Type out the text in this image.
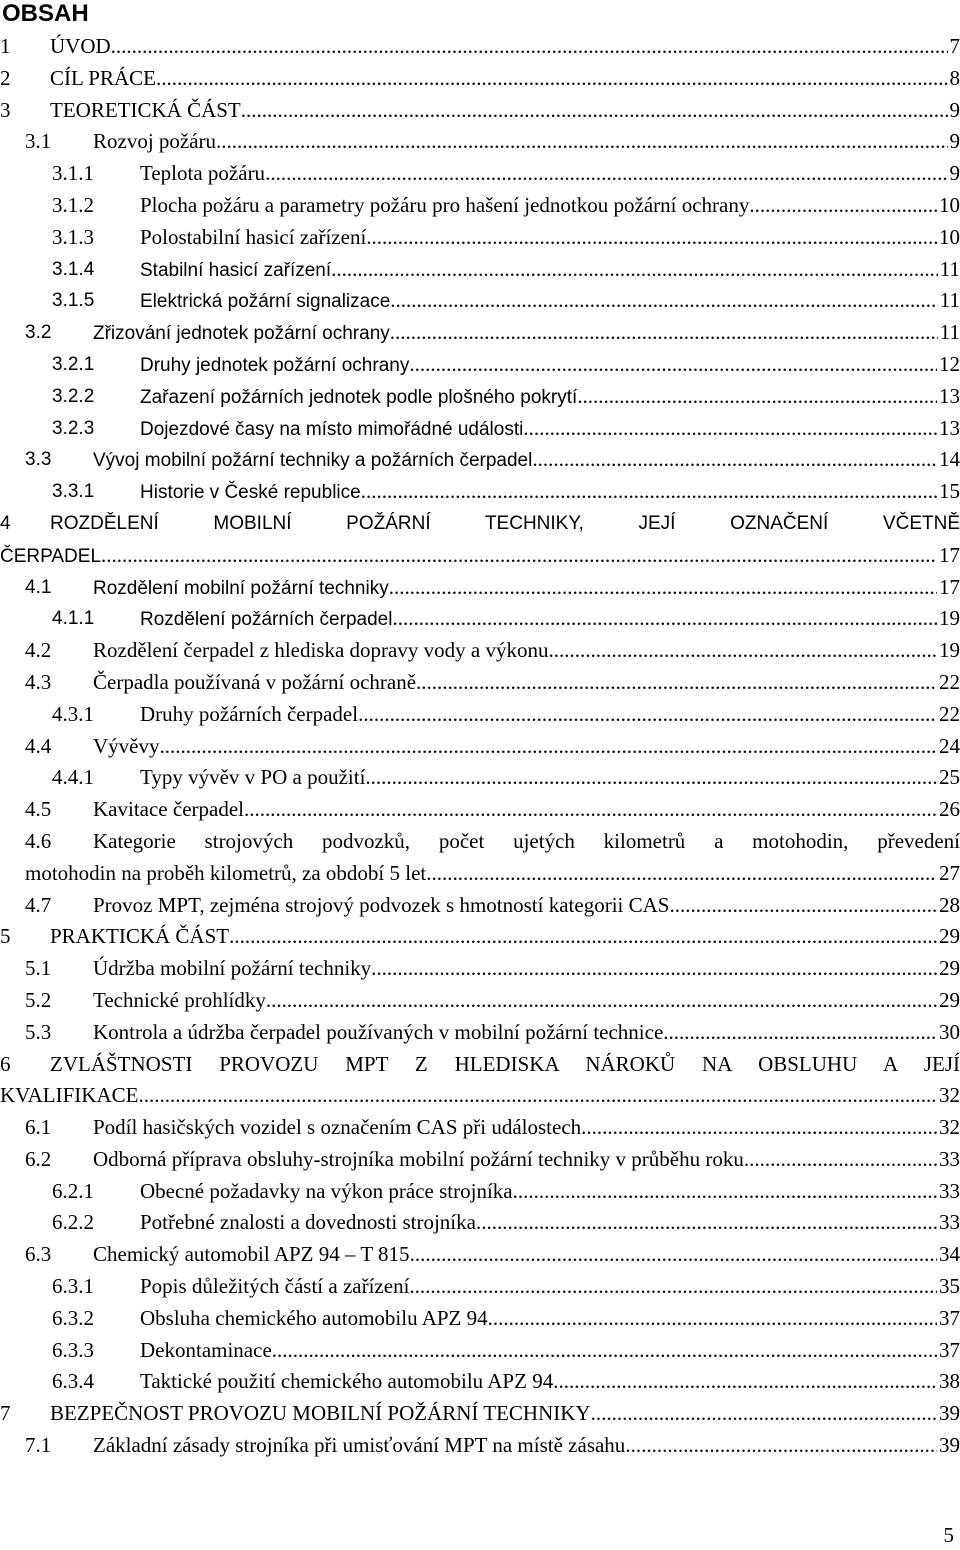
OBSAH
1 ÚVOD .....	7
2 CÍL PRÁCE .....	8
3 TEORETICKÁ ČÁST .....	9
3.1 Rozvoj požáru .....	9
3.1.1 Teplota požáru .....	9
3.1.2 Plocha požáru a parametry požáru pro hašení jednotkou požární ochrany .....	10
3.1.3 Polostabilní hasicí zařízení .....	10
3.1.4 Stabilní hasicí zařízení .....	11
3.1.5 Elektrická požární signalizace .....	11
3.2 Zřizování jednotek požární ochrany .....	11
3.2.1 Druhy jednotek požární ochrany .....	12
3.2.2 Zařazení požárních jednotek podle plošného pokrytí .....	13
3.2.3 Dojezdové časy na místo mimořádné události .....	13
3.3 Vývoj mobilní požární techniky a požárních čerpadel .....	14
3.3.1 Historie v České republice .....	15
4 ROZDĚLENÍ MOBILNÍ POŽÁRNÍ TECHNIKY, JEJÍ OZNAČENÍ VČETNĚ
ČERPADEL .....	17
4.1 Rozdělení mobilní požární techniky .....	17
4.1.1 Rozdělení požárních čerpadel .....	19
4.2 Rozdělení čerpadel z hlediska dopravy vody a výkonu .....	19
4.3 Čerpadla používaná v požární ochraně .....	22
4.3.1 Druhy požárních čerpadel .....	22
4.4 Vývěvy .....	24
4.4.1 Typy vývěv v PO a použití .....	25
4.5 Kavitace čerpadel .....	26
4.6 Kategorie strojových podvozků, počet ujetých kilometrů a motohodin, převedení
motohodin na proběh kilometrů, za období 5 let .....	27
4.7 Provoz MPT, zejména strojový podvozek s hmotností kategorii CAS .....	28
5 PRAKTICKÁ ČÁST .....	29
5.1 Údržba mobilní požární techniky .....	29
5.2 Technické prohlídky .....	29
5.3 Kontrola a údržba čerpadel používaných v mobilní požární technice .....	30
6 ZVLÁŠTNOSTI PROVOZU MPT Z HLEDISKA NÁROKŮ NA OBSLUHU A JEJÍ
KVALIFIKACE .....	32
6.1 Podíl hasičských vozidel s označením CAS při událostech .....	32
6.2 Odborná příprava obsluhy-strojníka mobilní požární techniky v průběhu roku .....	33
6.2.1 Obecné požadavky na výkon práce strojníka .....	33
6.2.2 Potřebné znalosti a dovednosti strojníka .....	33
6.3 Chemický automobil APZ 94 – T 815 .....	34
6.3.1 Popis důležitých částí a zařízení .....	35
6.3.2 Obsluha chemického automobilu APZ 94 .....	37
6.3.3 Dekontaminace .....	37
6.3.4 Taktické použití chemického automobilu APZ 94 .....	38
7 BEZPEČNOST PROVOZU MOBILNÍ POŽÁRNÍ TECHNIKY .....	39
7.1 Základní zásady strojníka při umisťování MPT na místě zásahu .....	39
5
